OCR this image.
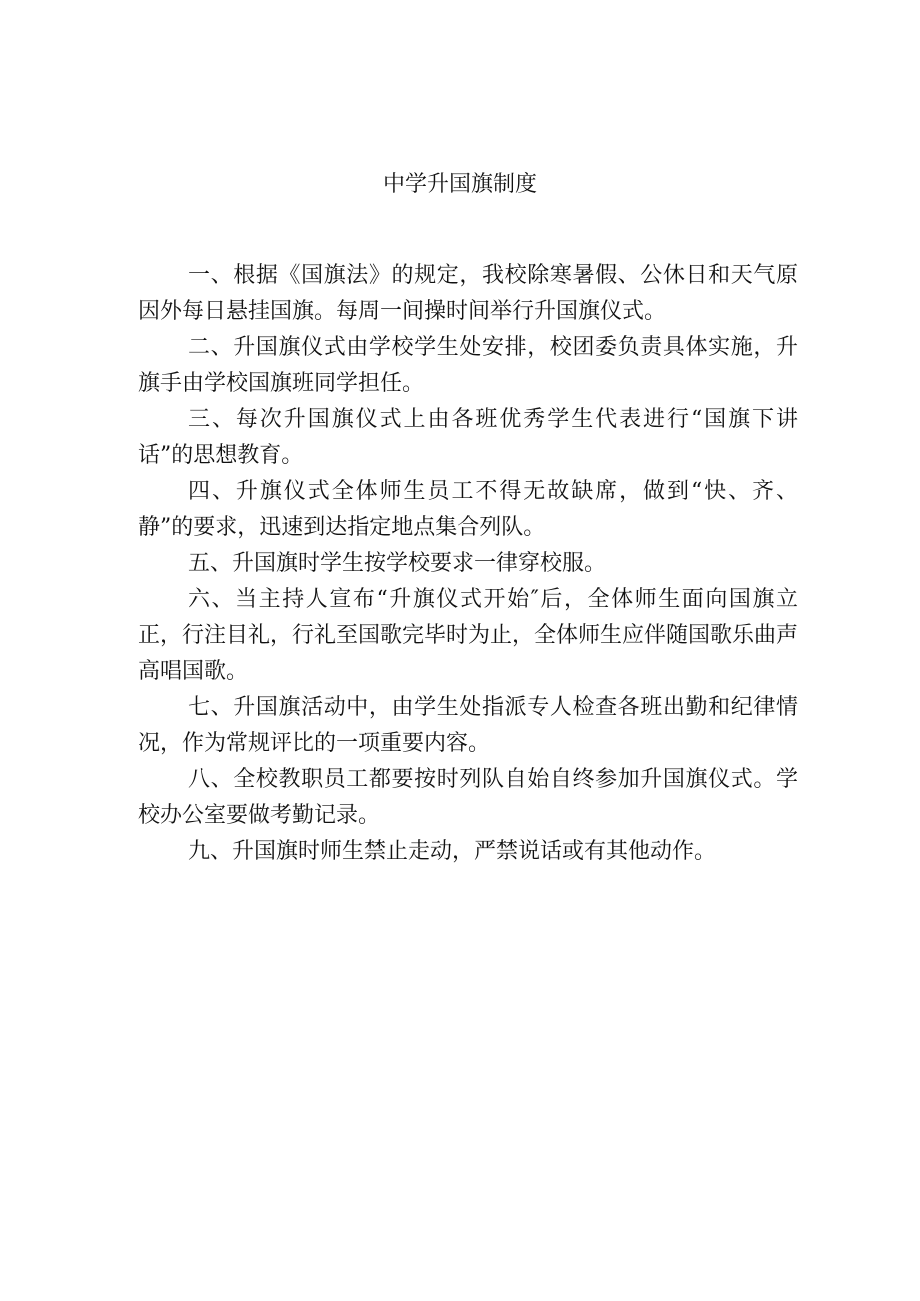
中学升国旗制度

一、根据《国旗法》的规定，我校除寒暑假、公休日和天气原因外每日悬挂国旗。每周一间操时间举行升国旗仪式。

二、升国旗仪式由学校学生处安排，校团委负责具体实施，升旗手由学校国旗班同学担任。

三、每次升国旗仪式上由各班优秀学生代表进行“国旗下讲话”的思想教育。

四、升旗仪式全体师生员工不得无故缺席，做到“快、齐、静”的要求，迅速到达指定地点集合列队。

五、升国旗时学生按学校要求一律穿校服。

六、当主持人宣布“升旗仪式开始″后，全体师生面向国旗立正，行注目礼，行礼至国歌完毕时为止，全体师生应伴随国歌乐曲声高唱国歌。

七、升国旗活动中，由学生处指派专人检查各班出勤和纪律情况，作为常规评比的一项重要内容。

八、全校教职员工都要按时列队自始自终参加升国旗仪式。学校办公室要做考勤记录。

九、升国旗时师生禁止走动，严禁说话或有其他动作。
